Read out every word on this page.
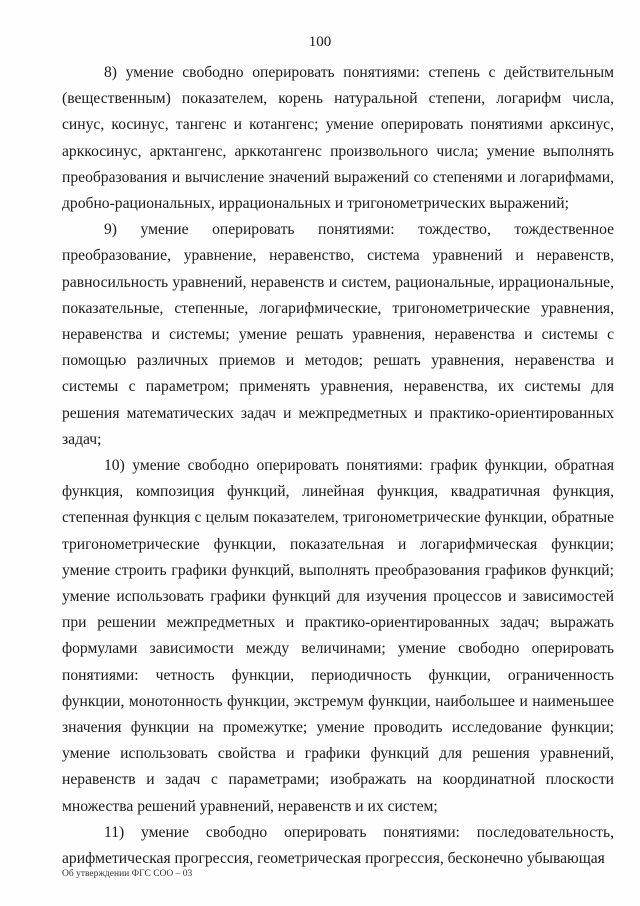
100

8) умение свободно оперировать понятиями: степень с действительным (вещественным) показателем, корень натуральной степени, логарифм числа, синус, косинус, тангенс и котангенс; умение оперировать понятиями арксинус, арккосинус, арктангенс, арккотангенс произвольного числа; умение выполнять преобразования и вычисление значений выражений со степенями и логарифмами, дробно-рациональных, иррациональных и тригонометрических выражений;

9) умение оперировать понятиями: тождество, тождественное преобразование, уравнение, неравенство, система уравнений и неравенств, равносильность уравнений, неравенств и систем, рациональные, иррациональные, показательные, степенные, логарифмические, тригонометрические уравнения, неравенства и системы; умение решать уравнения, неравенства и системы с помощью различных приемов и методов; решать уравнения, неравенства и системы с параметром; применять уравнения, неравенства, их системы для решения математических задач и межпредметных и практико-ориентированных задач;

10) умение свободно оперировать понятиями: график функции, обратная функция, композиция функций, линейная функция, квадратичная функция, степенная функция с целым показателем, тригонометрические функции, обратные тригонометрические функции, показательная и логарифмическая функции; умение строить графики функций, выполнять преобразования графиков функций; умение использовать графики функций для изучения процессов и зависимостей при решении межпредметных и практико-ориентированных задач; выражать формулами зависимости между величинами; умение свободно оперировать понятиями: четность функции, периодичность функции, ограниченность функции, монотонность функции, экстремум функции, наибольшее и наименьшее значения функции на промежутке; умение проводить исследование функции; умение использовать свойства и графики функций для решения уравнений, неравенств и задач с параметрами; изображать на координатной плоскости множества решений уравнений, неравенств и их систем;

11) умение свободно оперировать понятиями: последовательность, арифметическая прогрессия, геометрическая прогрессия, бесконечно убывающая

Об утверждении ФГС СОО – 03
